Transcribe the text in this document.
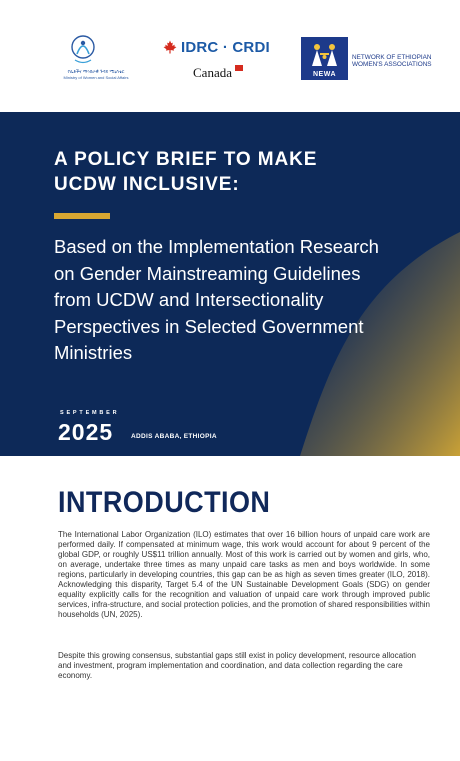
የሴቶችና ማኅበራዊ ጉዳይ ሚኒስቴር
Ministry of Women and Social Affairs
IDRC · CRDI
Canada	NEWA
NETWORK OF ETHIOPIAN WOMEN'S ASSOCIATIONS
A POLICY BRIEF TO MAKE UCDW INCLUSIVE:
Based on the Implementation Research on Gender Mainstreaming Guidelines from UCDW and Intersectionality Perspectives in Selected Government Ministries
SEPTEMBER
2025	ADDIS ABABA, ETHIOPIA
INTRODUCTION

The International Labor Organization (ILO) estimates that over 16 billion hours of unpaid care work are performed daily. If compensated at minimum wage, this work would account for about 9 percent of the global GDP, or roughly US$11 trillion annually. Most of this work is carried out by women and girls, who, on average, undertake three times as many unpaid care tasks as men and boys worldwide. In some regions, particularly in developing countries, this gap can be as high as seven times greater (ILO, 2018). Acknowledging this disparity, Target 5.4 of the UN Sustainable Development Goals (SDG) on gender equality explicitly calls for the recognition and valuation of unpaid care work through improved public services, infra-structure, and social protection policies, and the promotion of shared responsibilities within households (UN, 2025).

Despite this growing consensus, substantial gaps still exist in policy development, resource allocation and investment, program implementation and coordination, and data collection regarding the care economy.
